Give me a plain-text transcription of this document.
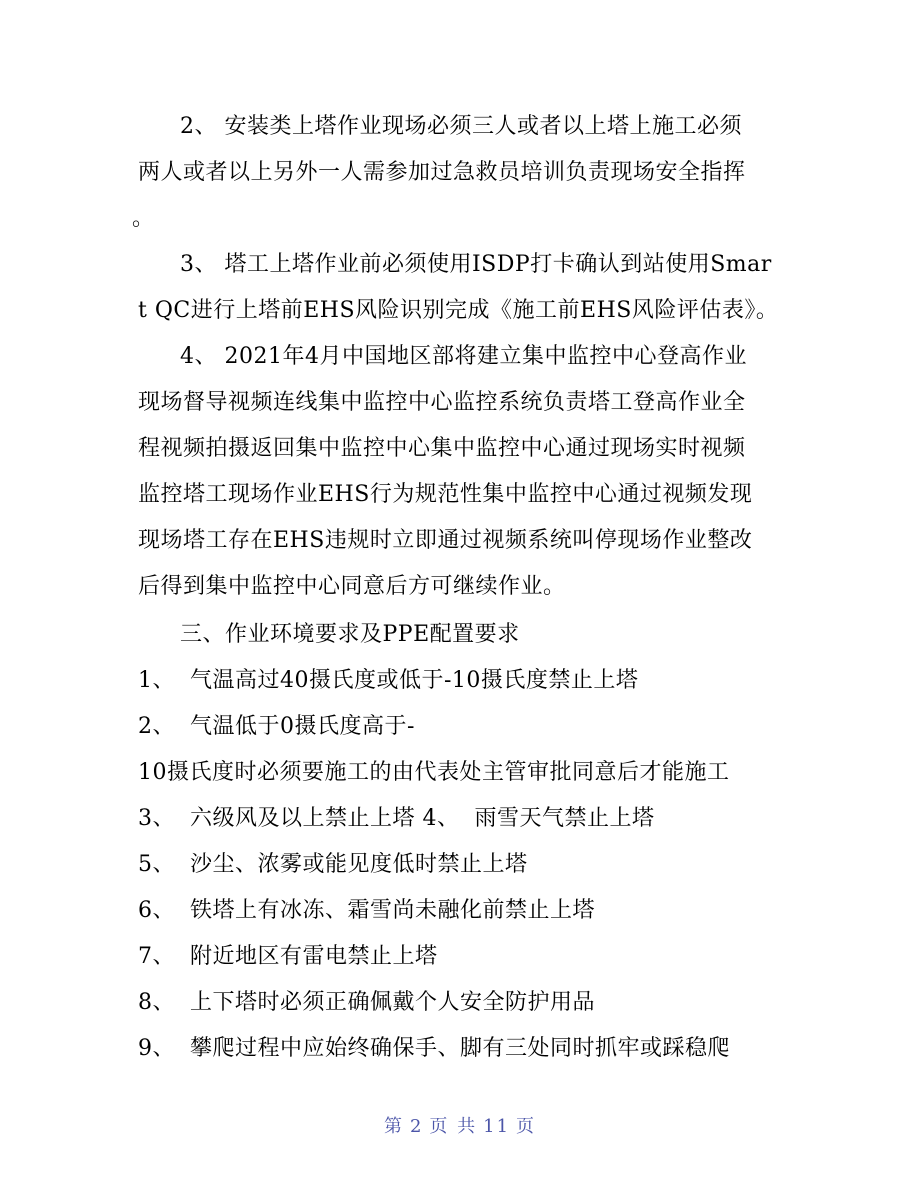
2、 安装类上塔作业现场必须三人或者以上塔上施工必须
两人或者以上另外一人需参加过急救员培训负责现场安全指挥
。
3、 塔工上塔作业前必须使用ISDP打卡确认到站使用Smar
t QC进行上塔前EHS风险识别完成《施工前EHS风险评估表》。
4、 2021年4月中国地区部将建立集中监控中心登高作业
现场督导视频连线集中监控中心监控系统负责塔工登高作业全
程视频拍摄返回集中监控中心集中监控中心通过现场实时视频
监控塔工现场作业EHS行为规范性集中监控中心通过视频发现
现场塔工存在EHS违规时立即通过视频系统叫停现场作业整改
后得到集中监控中心同意后方可继续作业。
三、作业环境要求及PPE配置要求
1、  气温高过40摄氏度或低于-10摄氏度禁止上塔
2、  气温低于0摄氏度高于-
10摄氏度时必须要施工的由代表处主管审批同意后才能施工
3、  六级风及以上禁止上塔 4、  雨雪天气禁止上塔
5、  沙尘、浓雾或能见度低时禁止上塔
6、  铁塔上有冰冻、霜雪尚未融化前禁止上塔
7、  附近地区有雷电禁止上塔
8、  上下塔时必须正确佩戴个人安全防护用品
9、  攀爬过程中应始终确保手、脚有三处同时抓牢或踩稳爬
第 2 页 共 11 页
